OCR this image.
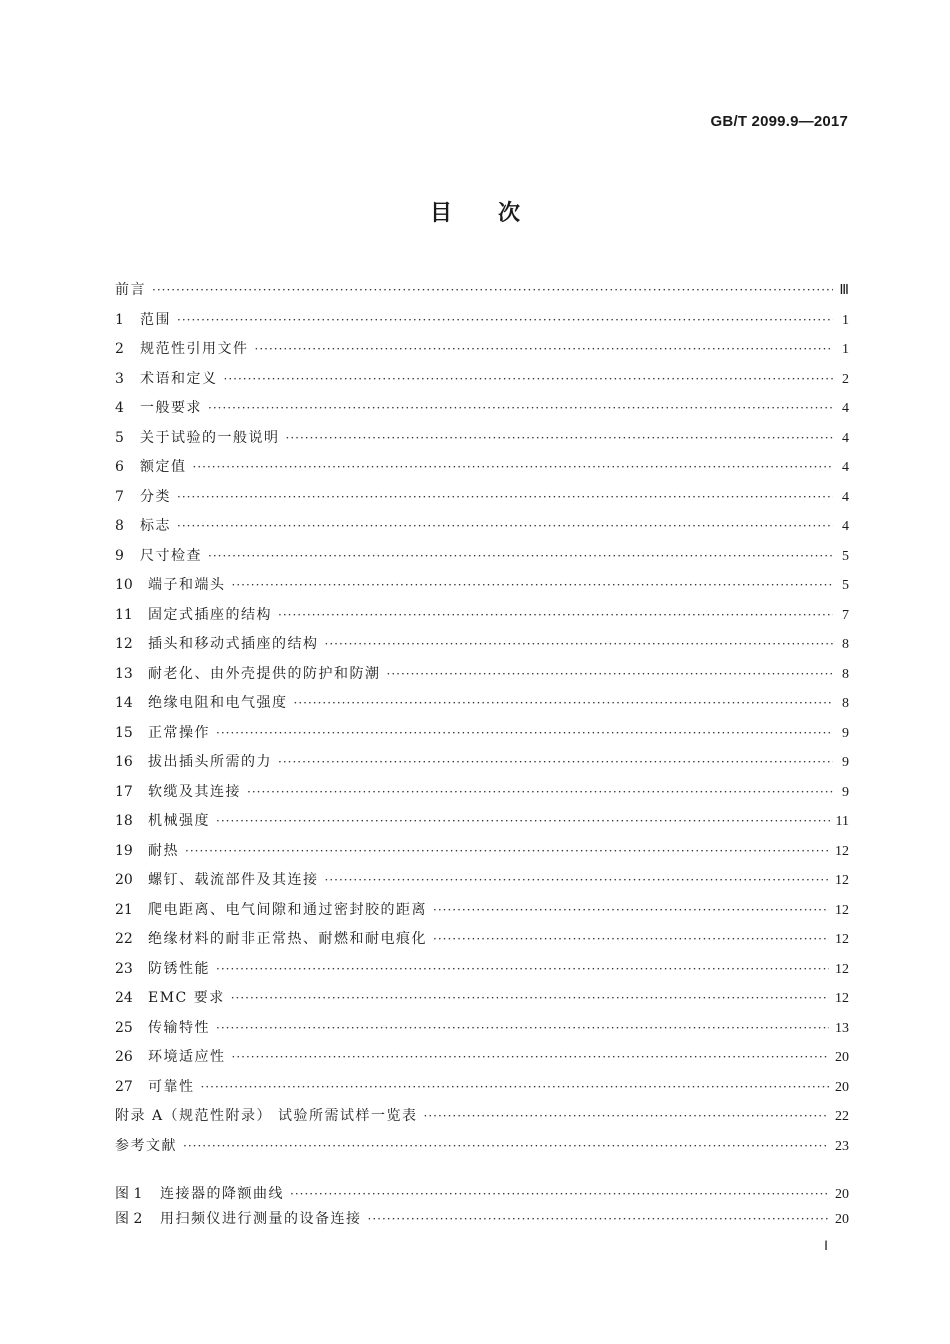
GB/T 2099.9—2017
目次
前言 ·····	Ⅲ
1 范围 ·····	1
2 规范性引用文件 ·····	1
3 术语和定义 ·····	2
4 一般要求 ·····	4
5 关于试验的一般说明 ·····	4
6 额定值 ·····	4
7 分类 ·····	4
8 标志 ·····	4
9 尺寸检查 ·····	5
10 端子和端头 ·····	5
11 固定式插座的结构 ·····	7
12 插头和移动式插座的结构 ·····	8
13 耐老化、由外壳提供的防护和防潮 ·····	8
14 绝缘电阻和电气强度 ·····	8
15 正常操作 ·····	9
16 拔出插头所需的力 ·····	9
17 软缆及其连接 ·····	9
18 机械强度 ·····	11
19 耐热 ·····	12
20 螺钉、载流部件及其连接 ·····	12
21 爬电距离、电气间隙和通过密封胶的距离 ·····	12
22 绝缘材料的耐非正常热、耐燃和耐电痕化 ·····	12
23 防锈性能 ·····	12
24 EMC 要求 ·····	12
25 传输特性 ·····	13
26 环境适应性 ·····	20
27 可靠性 ·····	20
附录 A（规范性附录） 试验所需试样一览表 ·····	22
参考文献 ·····	23
图 1 连接器的降额曲线 ·····	20
图 2 用扫频仪进行测量的设备连接 ·····	20
Ⅰ
